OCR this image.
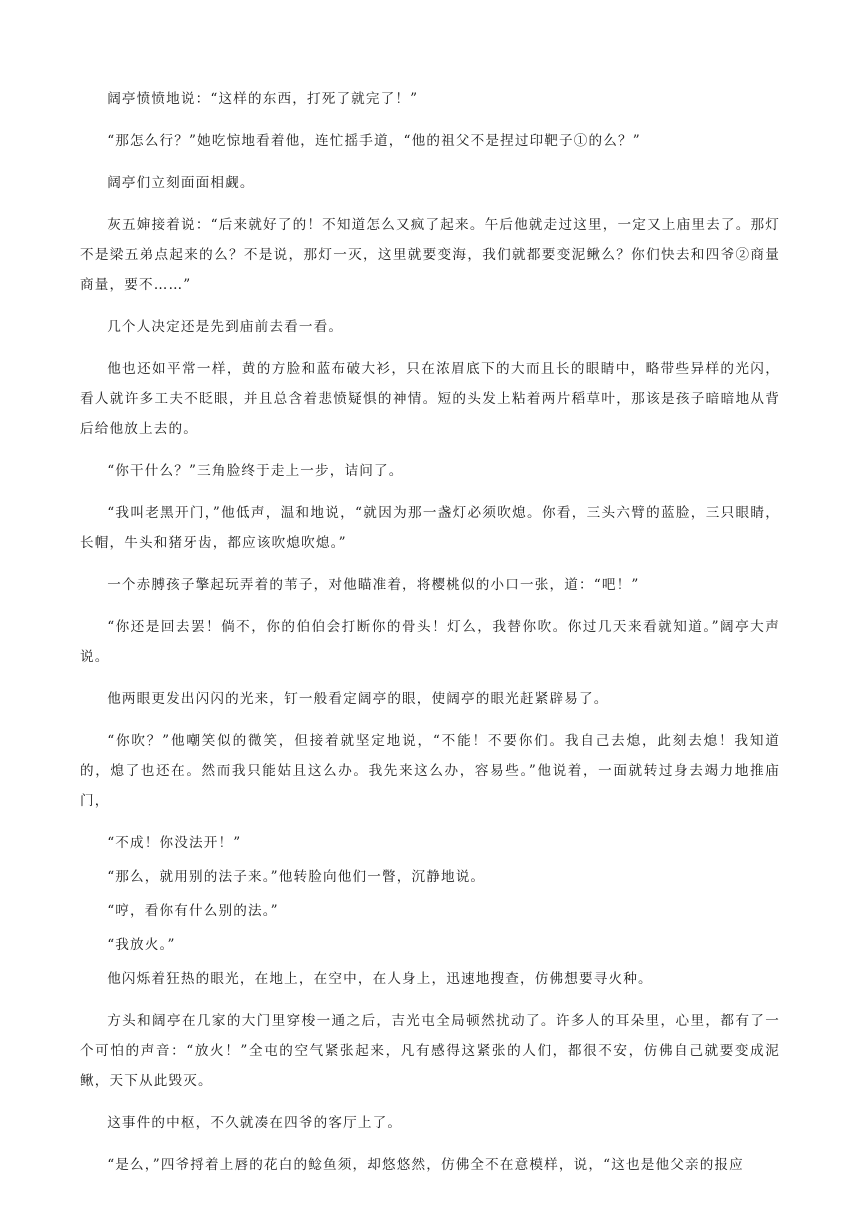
阔亭愤愤地说：“这样的东西，打死了就完了！”

“那怎么行？”她吃惊地看着他，连忙摇手道，“他的祖父不是捏过印靶子①的么？”

阔亭们立刻面面相觑。

灰五婶接着说：“后来就好了的！不知道怎么又疯了起来。午后他就走过这里，一定又上庙里去了。那灯不是梁五弟点起来的么？不是说，那灯一灭，这里就要变海，我们就都要变泥鳅么？你们快去和四爷②商量商量，要不……”

几个人决定还是先到庙前去看一看。

他也还如平常一样，黄的方脸和蓝布破大衫，只在浓眉底下的大而且长的眼睛中，略带些异样的光闪，看人就许多工夫不眨眼，并且总含着悲愤疑惧的神情。短的头发上粘着两片稻草叶，那该是孩子暗暗地从背后给他放上去的。

“你干什么？”三角脸终于走上一步，诘问了。

“我叫老黑开门，”他低声，温和地说，“就因为那一盏灯必须吹熄。你看，三头六臂的蓝脸，三只眼睛，长帽，牛头和猪牙齿，都应该吹熄吹熄。”

一个赤膊孩子擎起玩弄着的苇子，对他瞄准着，将樱桃似的小口一张，道：“吧！”

“你还是回去罢！倘不，你的伯伯会打断你的骨头！灯么，我替你吹。你过几天来看就知道。”阔亭大声说。

他两眼更发出闪闪的光来，钉一般看定阔亭的眼，使阔亭的眼光赶紧辟易了。

“你吹？”他嘲笑似的微笑，但接着就坚定地说，“不能！不要你们。我自己去熄，此刻去熄！我知道的，熄了也还在。然而我只能姑且这么办。我先来这么办，容易些。”他说着，一面就转过身去竭力地推庙门，

“不成！你没法开！”

“那么，就用别的法子来。”他转脸向他们一瞥，沉静地说。

“哼，看你有什么别的法。”

“我放火。”

他闪烁着狂热的眼光，在地上，在空中，在人身上，迅速地搜查，仿佛想要寻火种。

方头和阔亭在几家的大门里穿梭一通之后，吉光屯全局顿然扰动了。许多人的耳朵里，心里，都有了一个可怕的声音：“放火！”全屯的空气紧张起来，凡有感得这紧张的人们，都很不安，仿佛自己就要变成泥鳅，天下从此毁灭。

这事件的中枢，不久就凑在四爷的客厅上了。

“是么，”四爷捋着上唇的花白的鲶鱼须，却悠悠然，仿佛全不在意模样，说，“这也是他父亲的报应
